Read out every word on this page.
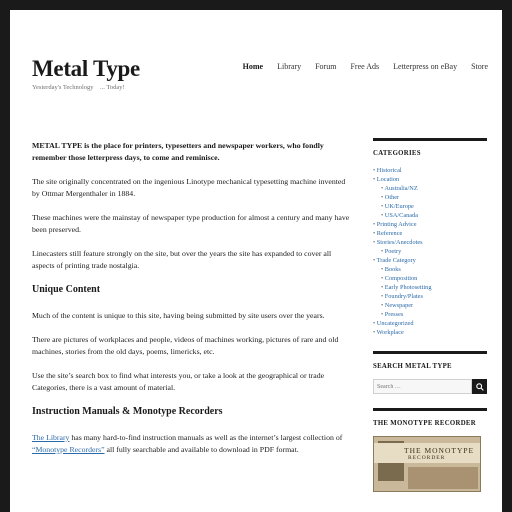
Metal Type
Yesterday's Technology    ... Today!
Home Library Forum Free Ads Letterpress on eBay Store

METAL TYPE is the place for printers, typesetters and newspaper workers, who fondly remember those letterpress days, to come and reminisce.

The site originally concentrated on the ingenious Linotype mechanical typesetting machine invented by Ottmar Mergenthaler in 1884.

These machines were the mainstay of newspaper type production for almost a century and many have been preserved.

Linecasters still feature strongly on the site, but over the years the site has expanded to cover all aspects of printing trade nostalgia.

Unique Content

Much of the content is unique to this site, having being submitted by site users over the years.

There are pictures of workplaces and people, videos of machines working, pictures of rare and old machines, stories from the old days, poems, limericks, etc.

Use the site’s search box to find what interests you, or take a look at the geographical or trade Categories, there is a vast amount of material.

Instruction Manuals & Monotype Recorders

The Library has many hard-to-find instruction manuals as well as the internet’s largest collection of “Monotype Recorders” all fully searchable and available to download in PDF format.

CATEGORIES
• Historical
• Location
• Australia/NZ
• Other
• UK/Europe
• USA/Canada
• Printing Advice
• Reference
• Stories/Anecdotes
• Poetry
• Trade Category
• Books
• Composition
• Early Photosetting
• Foundry/Plates
• Newspaper
• Presses
• Uncategorized
• Workplace
SEARCH METAL TYPE
Search …
THE MONOTYPE RECORDER
THE MONOTYPE
RECORDER
